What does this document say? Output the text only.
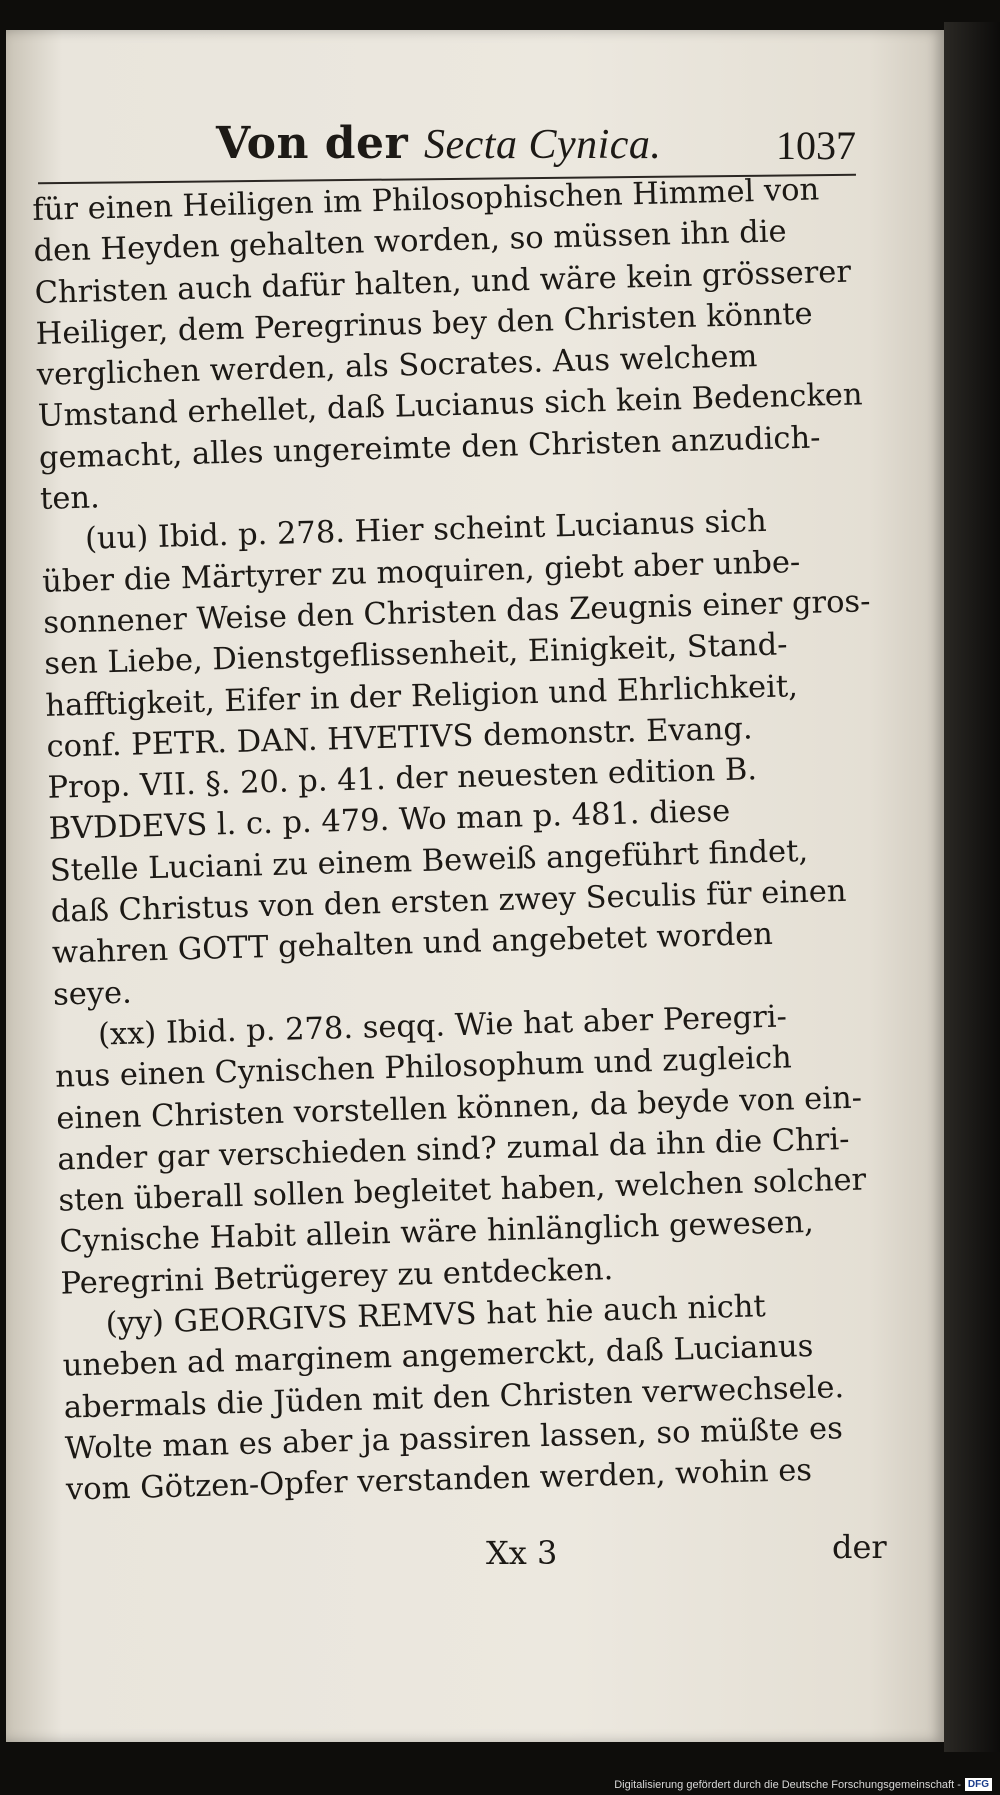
Von der Secta Cynica.	1037
für einen Heiligen im Philosophischen Himmel von
den Heyden gehalten worden, so müssen ihn die
Christen auch dafür halten, und wäre kein grösserer
Heiliger, dem Peregrinus bey den Christen könnte
verglichen werden, als Socrates. Aus welchem
Umstand erhellet, daß Lucianus sich kein Bedencken
gemacht, alles ungereimte den Christen anzudich-
ten.
(uu) Ibid. p. 278. Hier scheint Lucianus sich
über die Märtyrer zu moquiren, giebt aber unbe-
sonnener Weise den Christen das Zeugnis einer gros-
sen Liebe, Dienstgeflissenheit, Einigkeit, Stand-
hafftigkeit, Eifer in der Religion und Ehrlichkeit,
conf. PETR. DAN. HVETIVS demonstr. Evang.
Prop. VII. §. 20. p. 41. der neuesten edition B.
BVDDEVS l. c. p. 479. Wo man p. 481. diese
Stelle Luciani zu einem Beweiß angeführt findet,
daß Christus von den ersten zwey Seculis für einen
wahren GOTT gehalten und angebetet worden
seye.
(xx) Ibid. p. 278. seqq. Wie hat aber Peregri-
nus einen Cynischen Philosophum und zugleich
einen Christen vorstellen können, da beyde von ein-
ander gar verschieden sind? zumal da ihn die Chri-
sten überall sollen begleitet haben, welchen solcher
Cynische Habit allein wäre hinlänglich gewesen,
Peregrini Betrügerey zu entdecken.
(yy) GEORGIVS REMVS hat hie auch nicht
uneben ad marginem angemerckt, daß Lucianus
abermals die Jüden mit den Christen verwechsele.
Wolte man es aber ja passiren lassen, so müßte es
vom Götzen-Opfer verstanden werden, wohin es
Xx 3	der
Digitalisierung gefördert durch die Deutsche Forschungsgemeinschaft - DFG
